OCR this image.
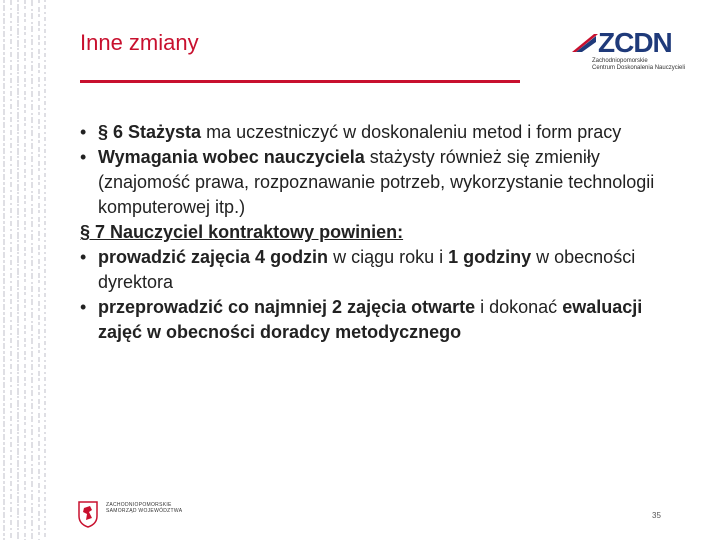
Inne zmiany	ZCDN
Zachodniopomorskie
Centrum Doskonalenia Nauczycieli
• § 6 Stażysta ma uczestniczyć w doskonaleniu metod i form pracy
• Wymagania wobec nauczyciela stażysty również się zmieniły (znajomość prawa, rozpoznawanie potrzeb, wykorzystanie technologii komputerowej itp.)
§ 7 Nauczyciel kontraktowy powinien:
• prowadzić zajęcia 4 godzin w ciągu roku i 1 godziny w obecności dyrektora
• przeprowadzić co najmniej 2 zajęcia otwarte i dokonać ewaluacji zajęć w obecności doradcy metodycznego
ZACHODNIOPOMORSKIE
SAMORZĄD WOJEWÓDZTWA	35
